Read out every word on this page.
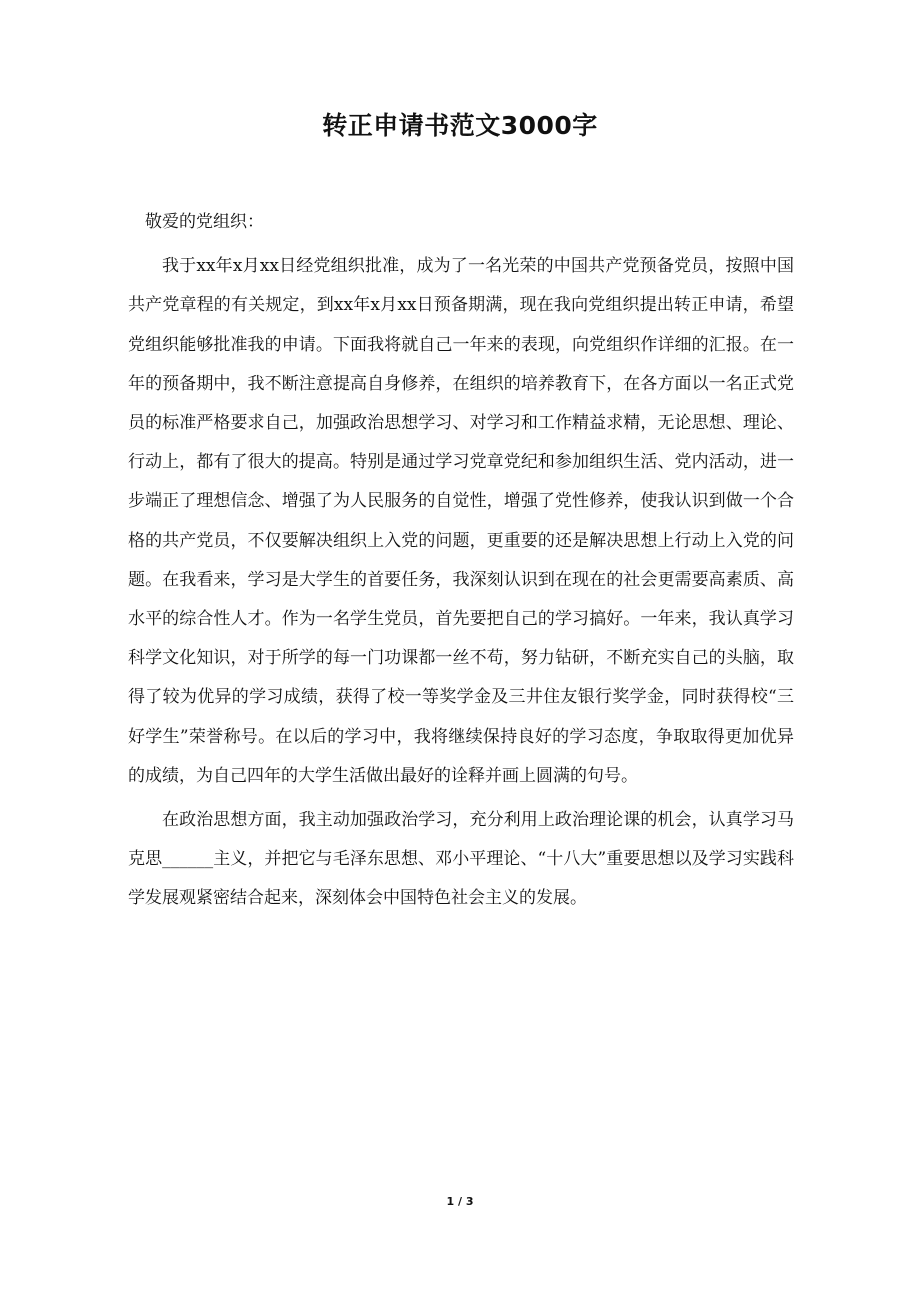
转正申请书范文3000字

敬爱的党组织：

我于xx年x月xx日经党组织批准，成为了一名光荣的中国共产党预备党员，按照中国共产党章程的有关规定，到xx年x月xx日预备期满，现在我向党组织提出转正申请，希望党组织能够批准我的申请。下面我将就自己一年来的表现，向党组织作详细的汇报。在一年的预备期中，我不断注意提高自身修养，在组织的培养教育下，在各方面以一名正式党员的标准严格要求自己，加强政治思想学习、对学习和工作精益求精，无论思想、理论、行动上，都有了很大的提高。特别是通过学习党章党纪和参加组织生活、党内活动，进一步端正了理想信念、增强了为人民服务的自觉性，增强了党性修养，使我认识到做一个合格的共产党员，不仅要解决组织上入党的问题，更重要的还是解决思想上行动上入党的问题。在我看来，学习是大学生的首要任务，我深刻认识到在现在的社会更需要高素质、高水平的综合性人才。作为一名学生党员，首先要把自己的学习搞好。一年来，我认真学习科学文化知识，对于所学的每一门功课都一丝不苟，努力钻研，不断充实自己的头脑，取得了较为优异的学习成绩，获得了校一等奖学金及三井住友银行奖学金，同时获得校“三好学生”荣誉称号。在以后的学习中，我将继续保持良好的学习态度，争取取得更加优异的成绩，为自己四年的大学生活做出最好的诠释并画上圆满的句号。

在政治思想方面，我主动加强政治学习，充分利用上政治理论课的机会，认真学习马克思______主义，并把它与毛泽东思想、邓小平理论、“十八大”重要思想以及学习实践科学发展观紧密结合起来，深刻体会中国特色社会主义的发展。

1 / 3
